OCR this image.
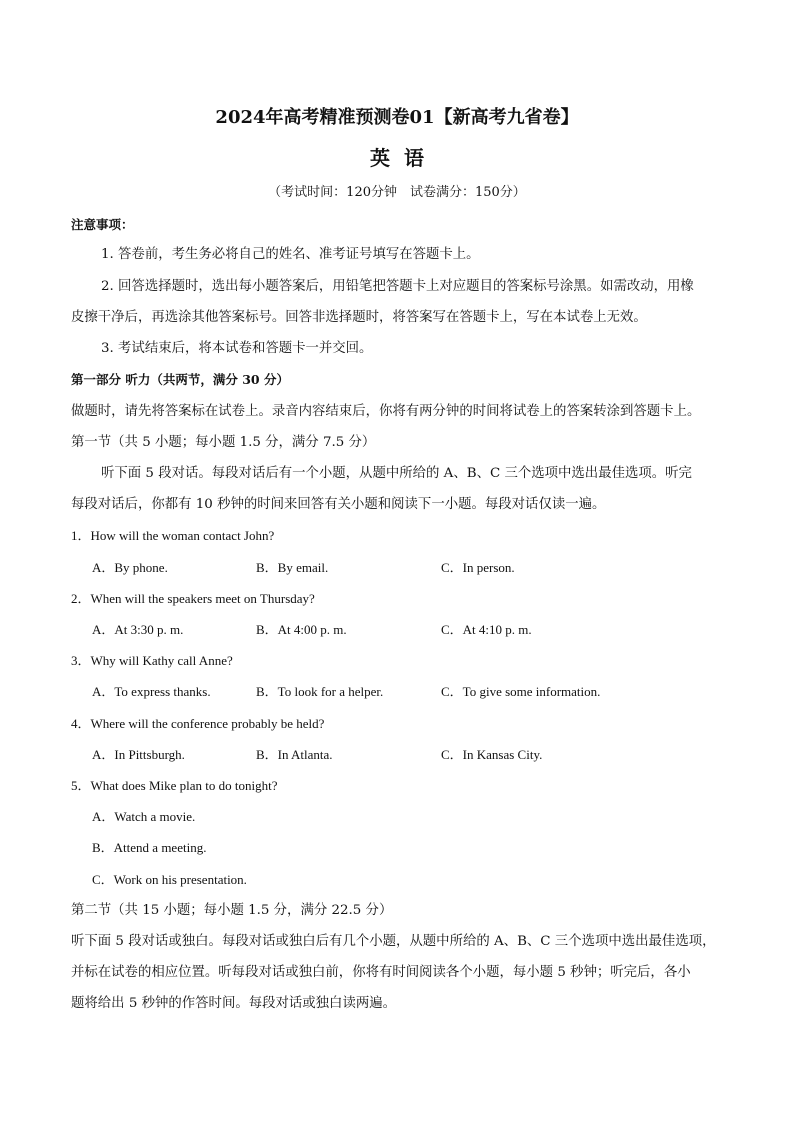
2024年高考精准预测卷01【新高考九省卷】
英语
（考试时间：120分钟　试卷满分：150分）
注意事项：
1. 答卷前，考生务必将自己的姓名、准考证号填写在答题卡上。
2. 回答选择题时，选出每小题答案后，用铅笔把答题卡上对应题目的答案标号涂黑。如需改动，用橡
皮擦干净后，再选涂其他答案标号。回答非选择题时，将答案写在答题卡上，写在本试卷上无效。
3. 考试结束后，将本试卷和答题卡一并交回。
第一部分 听力（共两节，满分 30 分）
做题时，请先将答案标在试卷上。录音内容结束后，你将有两分钟的时间将试卷上的答案转涂到答题卡上。
第一节（共 5 小题；每小题 1.5 分，满分 7.5 分）
听下面 5 段对话。每段对话后有一个小题，从题中所给的 A、B、C 三个选项中选出最佳选项。听完
每段对话后，你都有 10 秒钟的时间来回答有关小题和阅读下一小题。每段对话仅读一遍。
1．How will the woman contact John?
A．By phone.	B．By email.	C．In person.
2．When will the speakers meet on Thursday?
A．At 3:30 p. m.	B．At 4:00 p. m.	C．At 4:10 p. m.
3．Why will Kathy call Anne?
A．To express thanks.	B．To look for a helper.	C．To give some information.
4．Where will the conference probably be held?
A．In Pittsburgh.	B．In Atlanta.	C．In Kansas City.
5．What does Mike plan to do tonight?
A．Watch a movie.
B．Attend a meeting.
C．Work on his presentation.
第二节（共 15 小题；每小题 1.5 分，满分 22.5 分）
听下面 5 段对话或独白。每段对话或独白后有几个小题，从题中所给的 A、B、C 三个选项中选出最佳选项，
并标在试卷的相应位置。听每段对话或独白前，你将有时间阅读各个小题，每小题 5 秒钟；听完后，各小
题将给出 5 秒钟的作答时间。每段对话或独白读两遍。
